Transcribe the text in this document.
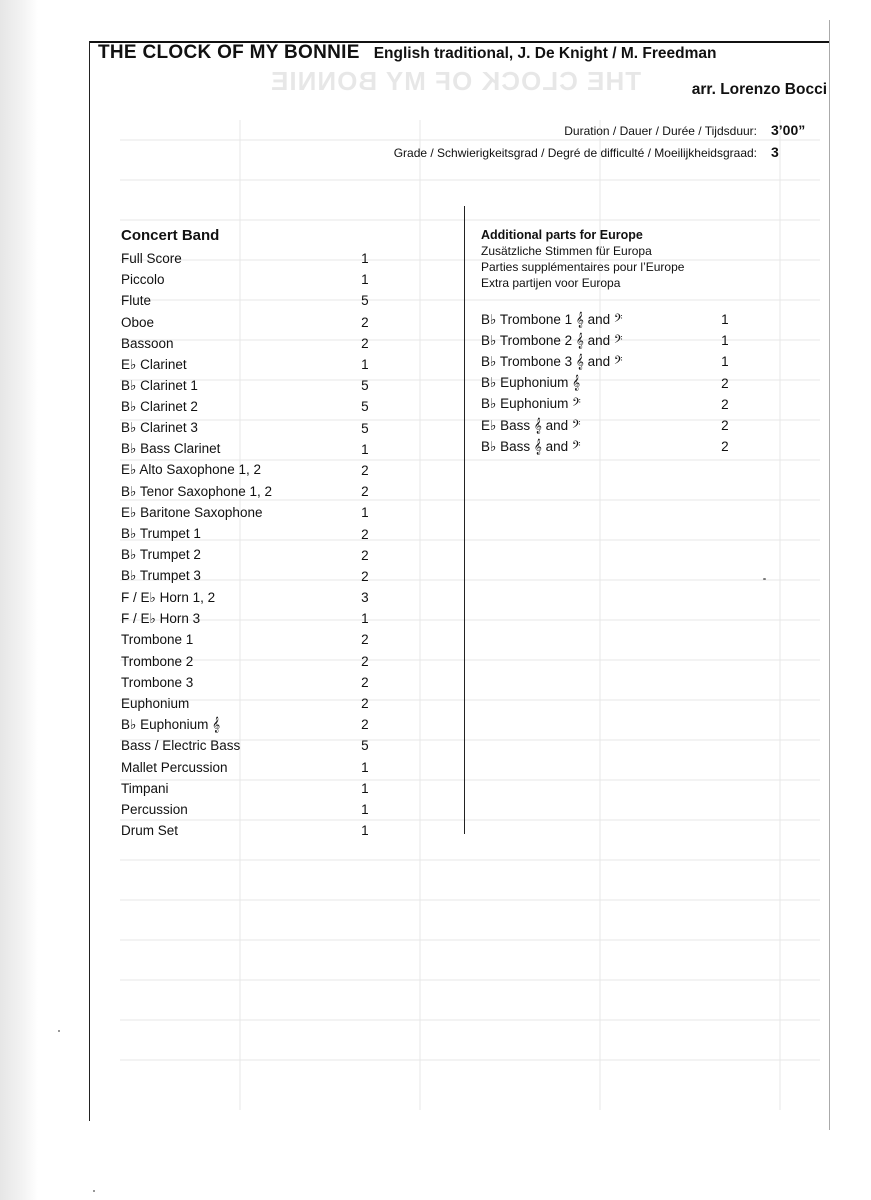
THE CLOCK OF MY BONNIE
THE CLOCK OF MY BONNIE English traditional, J. De Knight / M. Freedman
arr. Lorenzo Bocci
Duration / Dauer / Durée / Tijdsduur:	3’00”
Grade / Schwierigkeitsgrad / Degré de difficulté / Moeilijkheidsgraad:	3
Concert Band
Full Score	1
Piccolo	1
Flute	5
Oboe	2
Bassoon	2
E♭ Clarinet	1
B♭ Clarinet 1	5
B♭ Clarinet 2	5
B♭ Clarinet 3	5
B♭ Bass Clarinet	1
E♭ Alto Saxophone 1, 2	2
B♭ Tenor Saxophone 1, 2	2
E♭ Baritone Saxophone	1
B♭ Trumpet 1	2
B♭ Trumpet 2	2
B♭ Trumpet 3	2
F / E♭ Horn 1, 2	3
F / E♭ Horn 3	1
Trombone 1	2
Trombone 2	2
Trombone 3	2
Euphonium	2
B♭ Euphonium 𝄞	2
Bass / Electric Bass	5
Mallet Percussion	1
Timpani	1
Percussion	1
Drum Set	1
Additional parts for Europe
Zusätzliche Stimmen für Europa
Parties supplémentaires pour l’Europe
Extra partijen voor Europa
B♭ Trombone 1 𝄞 and 𝄢	1
B♭ Trombone 2 𝄞 and 𝄢	1
B♭ Trombone 3 𝄞 and 𝄢	1
B♭ Euphonium 𝄞	2
B♭ Euphonium 𝄢	2
E♭ Bass 𝄞 and 𝄢	2
B♭ Bass 𝄞 and 𝄢	2
